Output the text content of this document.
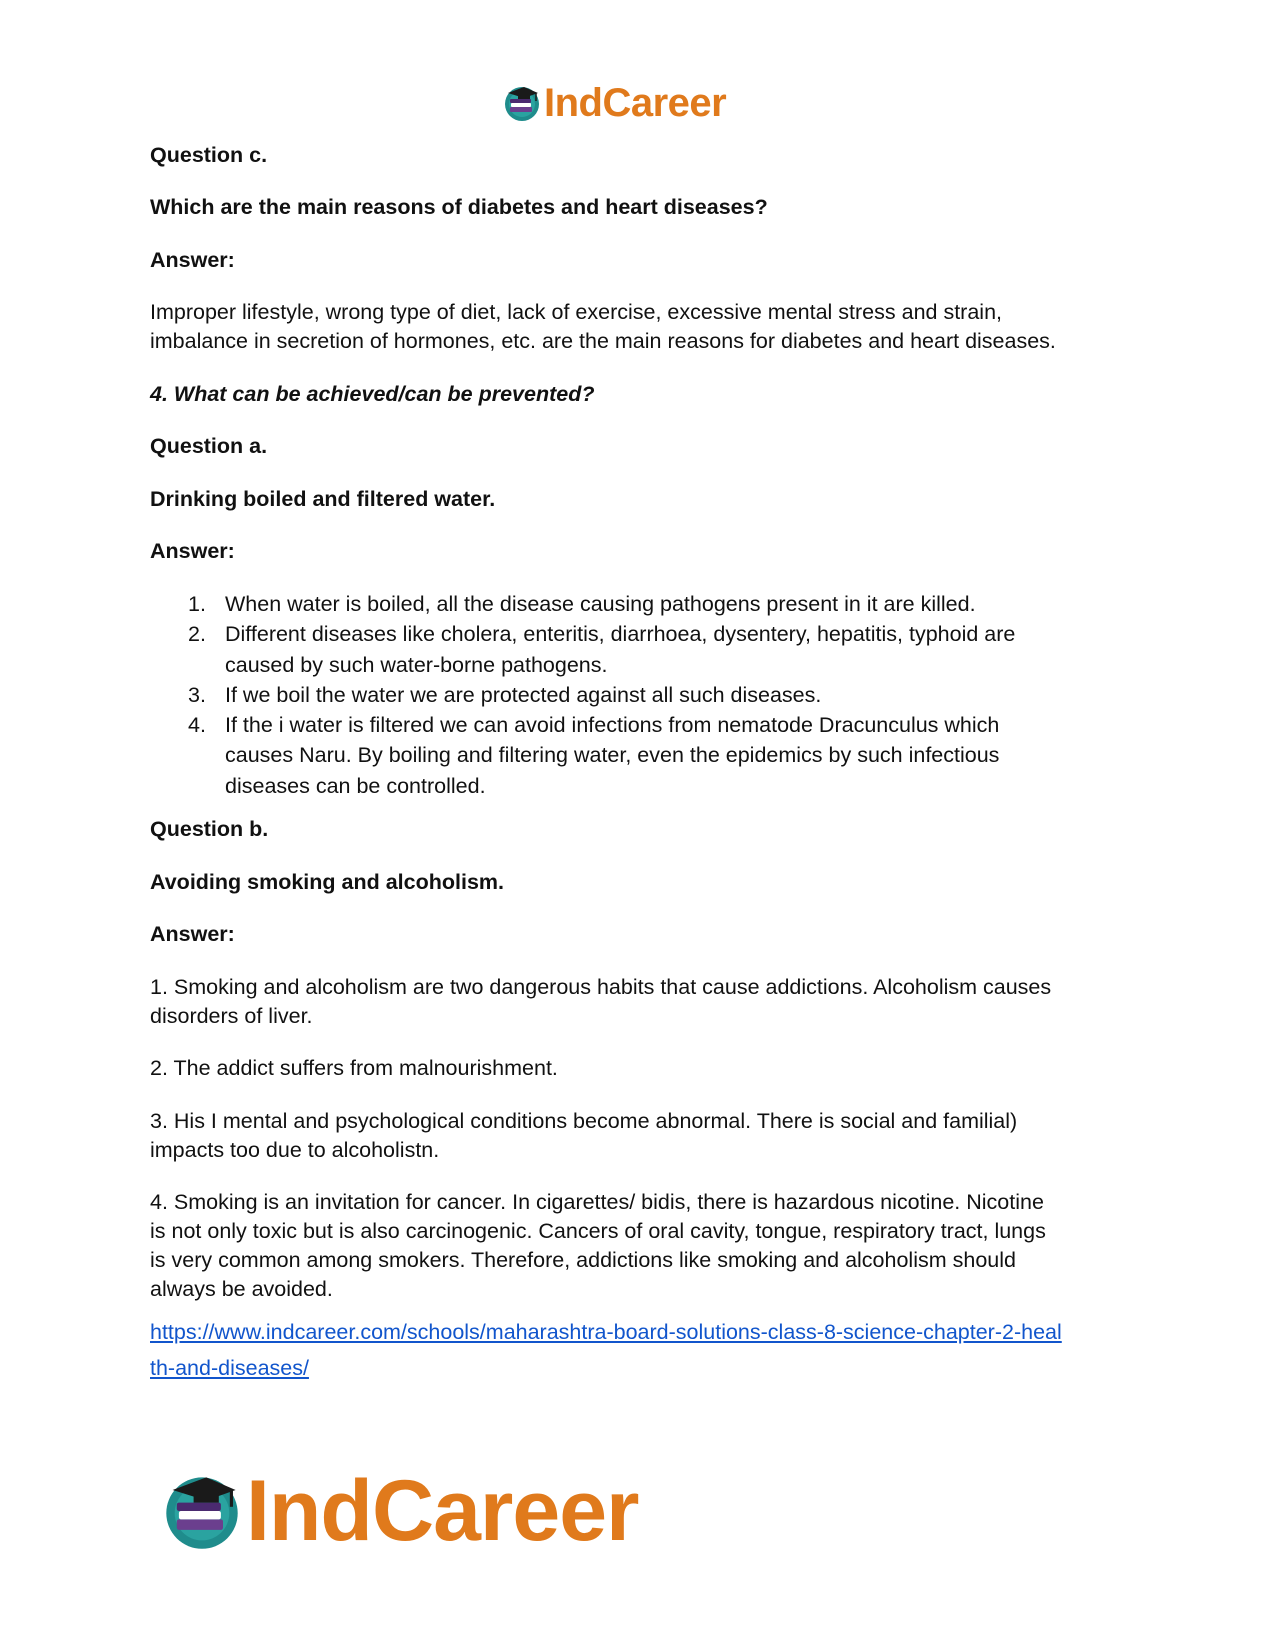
IndCareer

Question c.

Which are the main reasons of diabetes and heart diseases?

Answer:

Improper lifestyle, wrong type of diet, lack of exercise, excessive mental stress and strain,

imbalance in secretion of hormones, etc. are the main reasons for diabetes and heart diseases.

4. What can be achieved/can be prevented?

Question a.

Drinking boiled and filtered water.

Answer:

1. When water is boiled, all the disease causing pathogens present in it are killed.
2. Different diseases like cholera, enteritis, diarrhoea, dysentery, hepatitis, typhoid are
caused by such water-borne pathogens.
3. If we boil the water we are protected against all such diseases.
4. If the i water is filtered we can avoid infections from nematode Dracunculus which
causes Naru. By boiling and filtering water, even the epidemics by such infectious
diseases can be controlled.

Question b.

Avoiding smoking and alcoholism.

Answer:

1. Smoking and alcoholism are two dangerous habits that cause addictions. Alcoholism causes

disorders of liver.

2. The addict suffers from malnourishment.

3. His I mental and psychological conditions become abnormal. There is social and familial)

impacts too due to alcoholistn.

4. Smoking is an invitation for cancer. In cigarettes/ bidis, there is hazardous nicotine. Nicotine

is not only toxic but is also carcinogenic. Cancers of oral cavity, tongue, respiratory tract, lungs

is very common among smokers. Therefore, addictions like smoking and alcoholism should

always be avoided.

https://www.indcareer.com/schools/maharashtra-board-solutions-class-8-science-chapter-2-heal
th-and-diseases/
IndCareer
